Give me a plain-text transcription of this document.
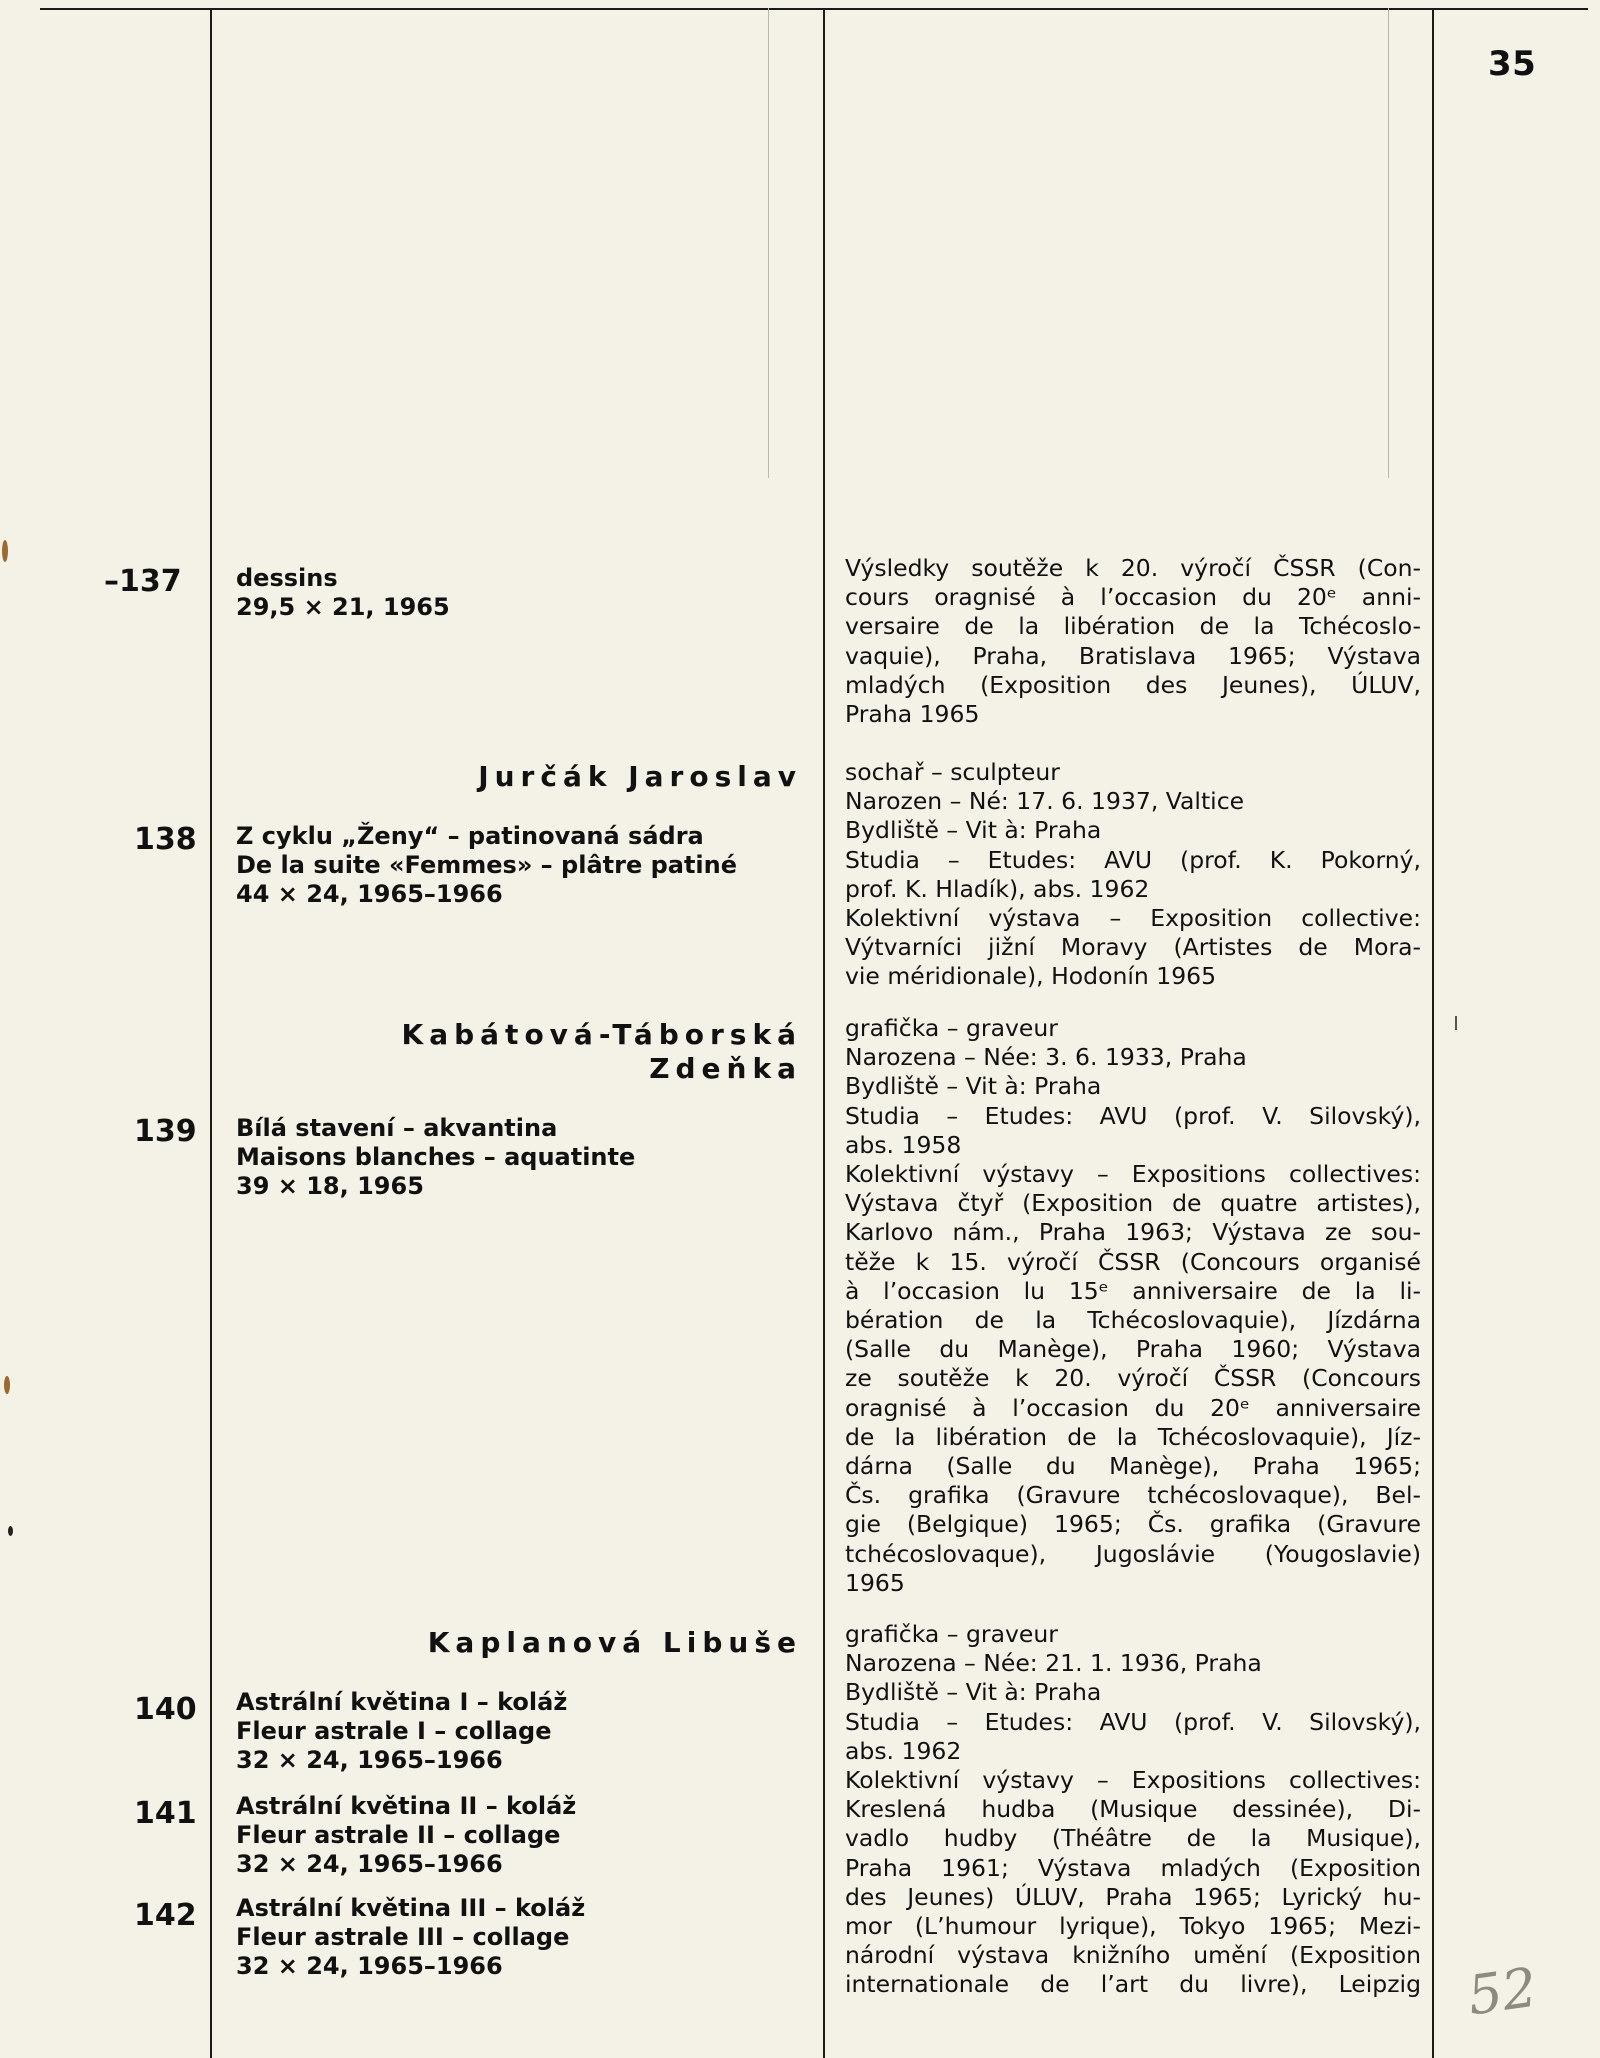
35
–137 dessins
29,5 × 21, 1965
Výsledky soutěže k 20. výročí ČSSR (Con-
cours oragnisé à l’occasion du 20ᵉ anni-
versaire de la libération de la Tchécoslo-
vaquie), Praha, Bratislava 1965; Výstava
mladých (Exposition des Jeunes), ÚLUV,
Praha 1965
Jurčák Jaroslav
138 Z cyklu „Ženy“ – patinovaná sádra
De la suite «Femmes» – plâtre patiné
44 × 24, 1965–1966
sochař – sculpteur
Narozen – Né: 17. 6. 1937, Valtice
Bydliště – Vit à: Praha
Studia – Etudes: AVU (prof. K. Pokorný,
prof. K. Hladík), abs. 1962
Kolektivní výstava – Exposition collective:
Výtvarníci jižní Moravy (Artistes de Mora-
vie méridionale), Hodonín 1965
Kabátová-Táborská
Zdeňka
139 Bílá stavení – akvantina
Maisons blanches – aquatinte
39 × 18, 1965
grafička – graveur
Narozena – Née: 3. 6. 1933, Praha
Bydliště – Vit à: Praha
Studia – Etudes: AVU (prof. V. Silovský),
abs. 1958
Kolektivní výstavy – Expositions collectives:
Výstava čtyř (Exposition de quatre artistes),
Karlovo nám., Praha 1963; Výstava ze sou-
těže k 15. výročí ČSSR (Concours organisé
à l’occasion lu 15ᵉ anniversaire de la li-
bération de la Tchécoslovaquie), Jízdárna
(Salle du Manège), Praha 1960; Výstava
ze soutěže k 20. výročí ČSSR (Concours
oragnisé à l’occasion du 20ᵉ anniversaire
de la libération de la Tchécoslovaquie), Jíz-
dárna (Salle du Manège), Praha 1965;
Čs. grafika (Gravure tchécoslovaque), Bel-
gie (Belgique) 1965; Čs. grafika (Gravure
tchécoslovaque), Jugoslávie (Yougoslavie)
1965
Kaplanová Libuše
140 Astrální květina I – koláž
Fleur astrale I – collage
32 × 24, 1965–1966
141 Astrální květina II – koláž
Fleur astrale II – collage
32 × 24, 1965–1966
142 Astrální květina III – koláž
Fleur astrale III – collage
32 × 24, 1965–1966
grafička – graveur
Narozena – Née: 21. 1. 1936, Praha
Bydliště – Vit à: Praha
Studia – Etudes: AVU (prof. V. Silovský),
abs. 1962
Kolektivní výstavy – Expositions collectives:
Kreslená hudba (Musique dessinée), Di-
vadlo hudby (Théâtre de la Musique),
Praha 1961; Výstava mladých (Exposition
des Jeunes) ÚLUV, Praha 1965; Lyrický hu-
mor (L’humour lyrique), Tokyo 1965; Mezi-
národní výstava knižního umění (Exposition
internationale de l’art du livre), Leipzig 52
